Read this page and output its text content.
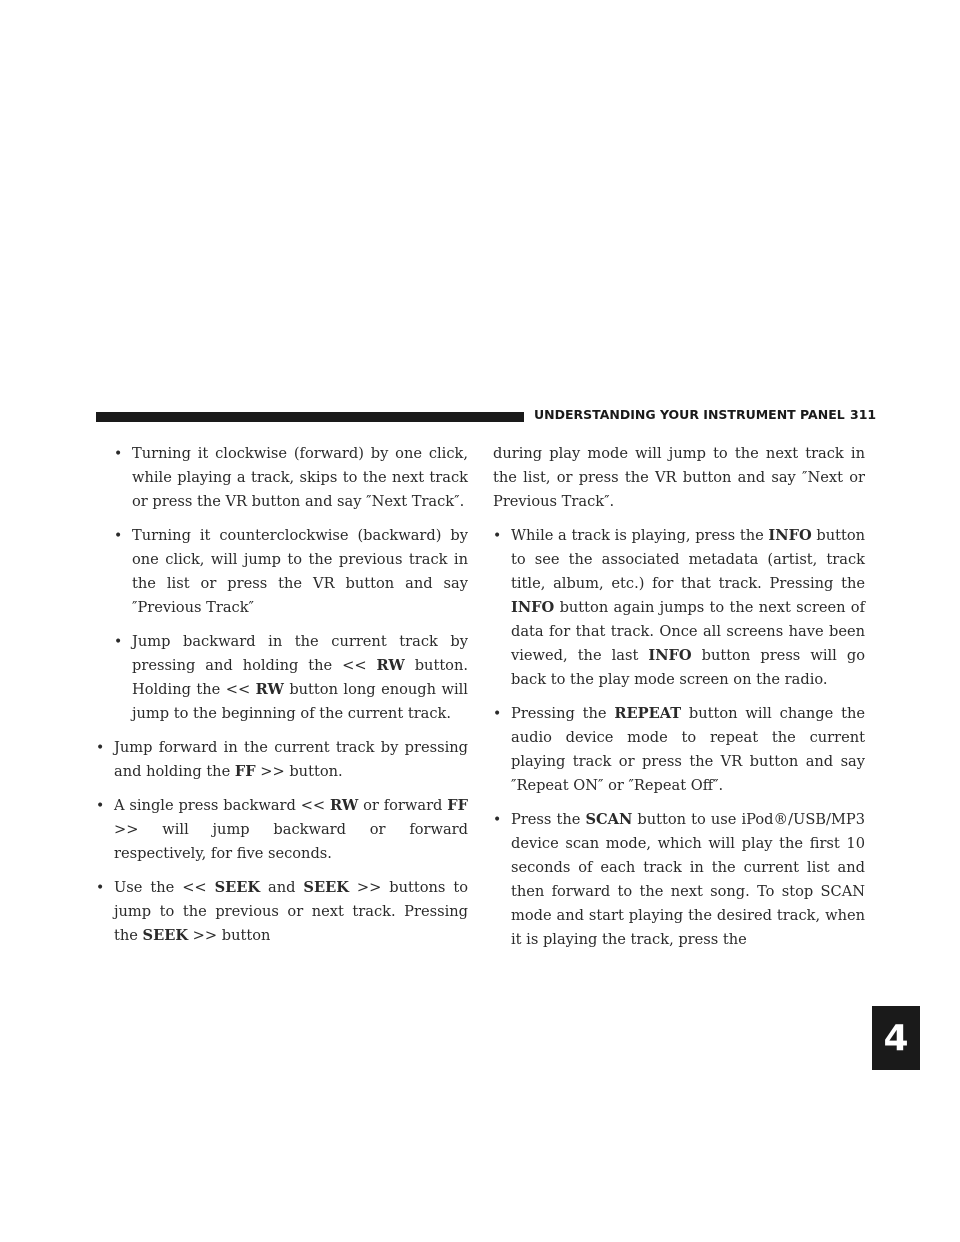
UNDERSTANDING YOUR INSTRUMENT PANEL 311
4
• Turning it clockwise (forward) by one click, while playing a track, skips to the next track or press the VR button and say ″Next Track″.
• Turning it counterclockwise (backward) by one click, will jump to the previous track in the list or press the VR button and say ″Previous Track″
• Jump backward in the current track by pressing and holding the << RW button. Holding the << RW button long enough will jump to the beginning of the current track.
• Jump forward in the current track by pressing and holding the FF >> button.
• A single press backward << RW or forward FF >> will jump backward or forward respectively, for five seconds.
• Use the << SEEK and SEEK >> buttons to jump to the previous or next track. Pressing the SEEK >> button
during play mode will jump to the next track in the list, or press the VR button and say ″Next or Previous Track″.
• While a track is playing, press the INFO button to see the associated metadata (artist, track title, album, etc.) for that track. Pressing the INFO button again jumps to the next screen of data for that track. Once all screens have been viewed, the last INFO button press will go back to the play mode screen on the radio.
• Pressing the REPEAT button will change the audio device mode to repeat the current playing track or press the VR button and say ″Repeat ON″ or ″Repeat Off″.
• Press the SCAN button to use iPod®/USB/MP3 device scan mode, which will play the first 10 seconds of each track in the current list and then forward to the next song. To stop SCAN mode and start playing the desired track, when it is playing the track, press the
